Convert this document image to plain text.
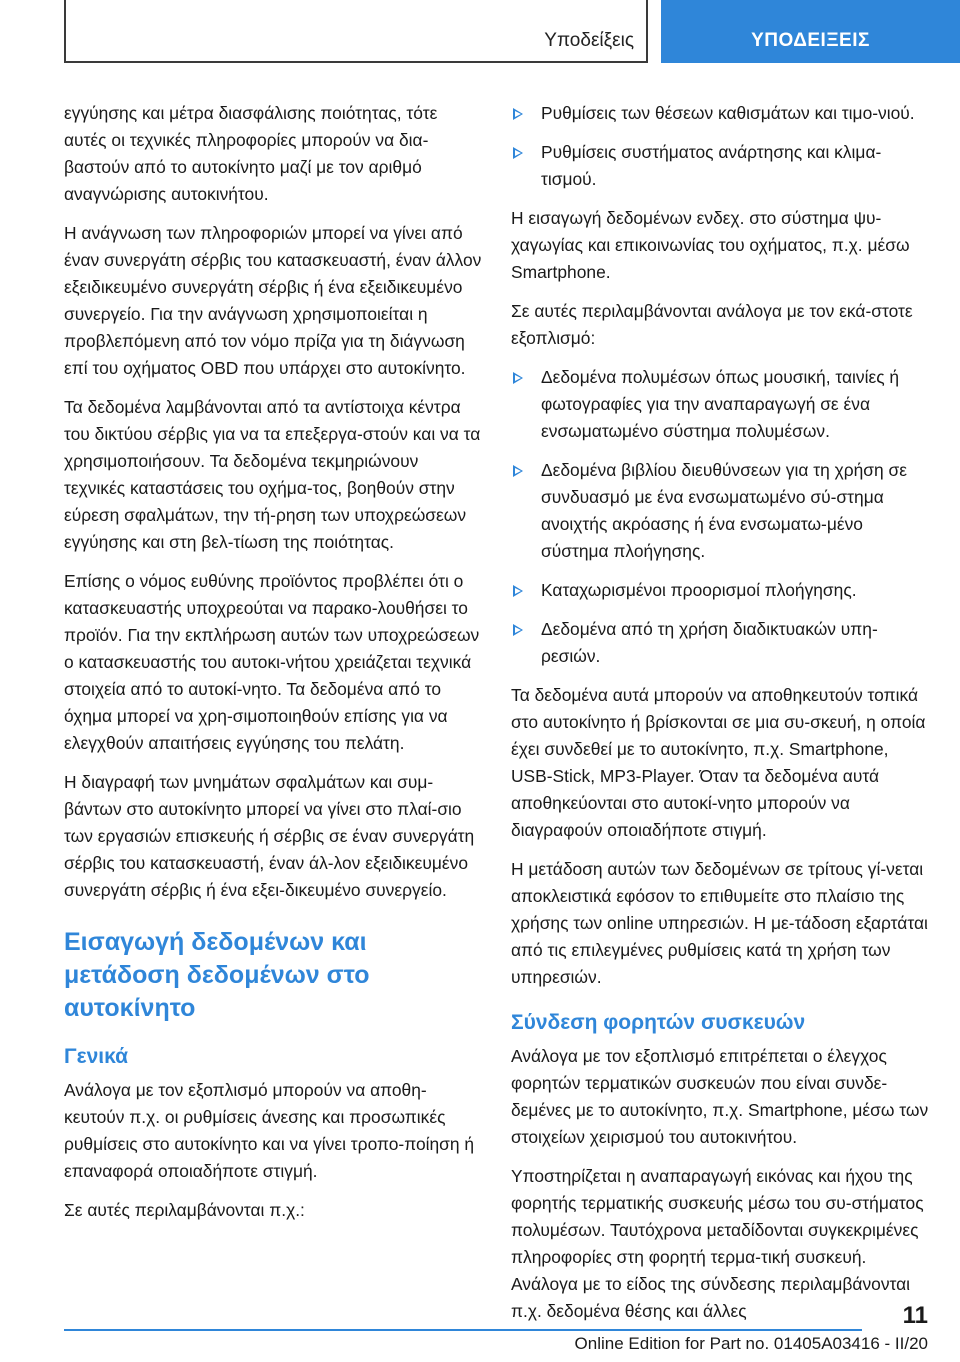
Υποδείξεις	ΥΠΟΔΕΙΞΕΙΣ

εγγύησης και μέτρα διασφάλισης ποιότητας, τότε αυτές οι τεχνικές πληροφορίες μπορούν να δια‐βαστούν από το αυτοκίνητο μαζί με τον αριθμό αναγνώρισης αυτοκινήτου.

Η ανάγνωση των πληροφοριών μπορεί να γίνει από έναν συνεργάτη σέρβις του κατασκευαστή, έναν άλλον εξειδικευμένο συνεργάτη σέρβις ή ένα εξειδικευμένο συνεργείο. Για την ανάγνωση χρησιμοποιείται η προβλεπόμενη από τον νόμο πρίζα για τη διάγνωση επί του οχήματος OBD που υπάρχει στο αυτοκίνητο.

Τα δεδομένα λαμβάνονται από τα αντίστοιχα κέντρα του δικτύου σέρβις για να τα επεξεργα‐στούν και να τα χρησιμοποιήσουν. Τα δεδομένα τεκμηριώνουν τεχνικές καταστάσεις του οχήμα‐τος, βοηθούν στην εύρεση σφαλμάτων, την τή‐ρηση των υποχρεώσεων εγγύησης και στη βελ‐τίωση της ποιότητας.

Επίσης ο νόμος ευθύνης προϊόντος προβλέπει ότι ο κατασκευαστής υποχρεούται να παρακο‐λουθήσει το προϊόν. Για την εκπλήρωση αυτών των υποχρεώσεων ο κατασκευαστής του αυτοκι‐νήτου χρειάζεται τεχνικά στοιχεία από το αυτοκί‐νητο. Τα δεδομένα από το όχημα μπορεί να χρη‐σιμοποιηθούν επίσης για να ελεγχθούν απαιτήσεις εγγύησης του πελάτη.

Η διαγραφή των μνημάτων σφαλμάτων και συμ‐βάντων στο αυτοκίνητο μπορεί να γίνει στο πλαί‐σιο των εργασιών επισκευής ή σέρβις σε έναν συνεργάτη σέρβις του κατασκευαστή, έναν άλ‐λον εξειδικευμένο συνεργάτη σέρβις ή ένα εξει‐δικευμένο συνεργείο.

Εισαγωγή δεδομένων και μετάδοση δεδομένων στο αυτοκίνητο
Γενικά

Ανάλογα με τον εξοπλισμό μπορούν να αποθη‐κευτούν π.χ. οι ρυθμίσεις άνεσης και προσωπικές ρυθμίσεις στο αυτοκίνητο και να γίνει τροπο‐ποίηση ή επαναφορά οποιαδήποτε στιγμή.

Σε αυτές περιλαμβάνονται π.χ.:

Ρυθμίσεις των θέσεων καθισμάτων και τιμο‐νιού.
Ρυθμίσεις συστήματος ανάρτησης και κλιμα‐τισμού.

Η εισαγωγή δεδομένων ενδεχ. στο σύστημα ψυ‐χαγωγίας και επικοινωνίας του οχήματος, π.χ. μέσω Smartphone.

Σε αυτές περιλαμβάνονται ανάλογα με τον εκά‐στοτε εξοπλισμό:

Δεδομένα πολυμέσων όπως μουσική, ταινίες ή φωτογραφίες για την αναπαραγωγή σε ένα ενσωματωμένο σύστημα πολυμέσων.
Δεδομένα βιβλίου διευθύνσεων για τη χρήση σε συνδυασμό με ένα ενσωματωμένο σύ‐στημα ανοιχτής ακρόασης ή ένα ενσωματω‐μένο σύστημα πλοήγησης.
Καταχωρισμένοι προορισμοί πλοήγησης.
Δεδομένα από τη χρήση διαδικτυακών υπη‐ρεσιών.

Τα δεδομένα αυτά μπορούν να αποθηκευτούν τοπικά στο αυτοκίνητο ή βρίσκονται σε μια συ‐σκευή, η οποία έχει συνδεθεί με το αυτοκίνητο, π.χ. Smartphone, USB-Stick, MP3-Player. Όταν τα δεδομένα αυτά αποθηκεύονται στο αυτοκί‐νητο μπορούν να διαγραφούν οποιαδήποτε στιγμή.

Η μετάδοση αυτών των δεδομένων σε τρίτους γί‐νεται αποκλειστικά εφόσον το επιθυμείτε στο πλαίσιο της χρήσης των online υπηρεσιών. Η με‐τάδοση εξαρτάται από τις επιλεγμένες ρυθμίσεις κατά τη χρήση των υπηρεσιών.

Σύνδεση φορητών συσκευών

Ανάλογα με τον εξοπλισμό επιτρέπεται ο έλεγχος φορητών τερματικών συσκευών που είναι συνδε‐δεμένες με το αυτοκίνητο, π.χ. Smartphone, μέσω των στοιχείων χειρισμού του αυτοκινήτου.

Υποστηρίζεται η αναπαραγωγή εικόνας και ήχου της φορητής τερματικής συσκευής μέσω του συ‐στήματος πολυμέσων. Ταυτόχρονα μεταδίδονται συγκεκριμένες πληροφορίες στη φορητή τερμα‐τική συσκευή. Ανάλογα με το είδος της σύνδεσης περιλαμβάνονται π.χ. δεδομένα θέσης και άλλες	11
Online Edition for Part no. 01405A03416 - II/20
